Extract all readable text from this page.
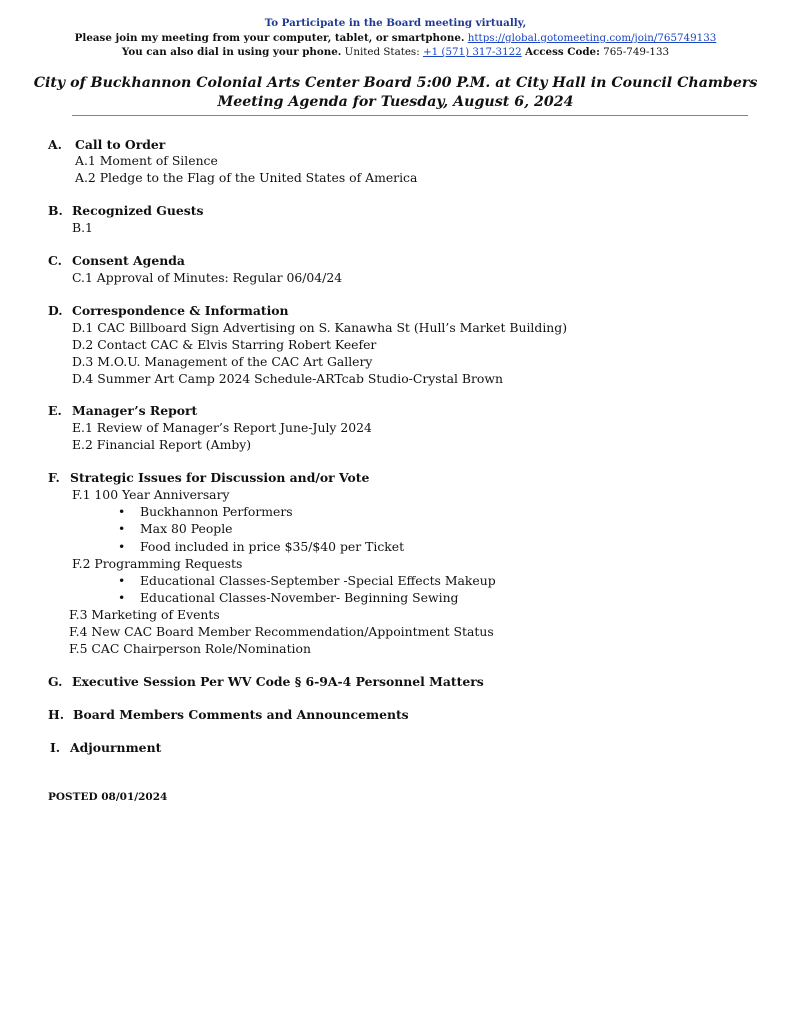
To Participate in the Board meeting virtually,
Please join my meeting from your computer, tablet, or smartphone. https://global.gotomeeting.com/join/765749133
You can also dial in using your phone. United States: +1 (571) 317-3122 Access Code: 765-749-133
City of Buckhannon Colonial Arts Center Board 5:00 P.M. at City Hall in Council Chambers
Meeting Agenda for Tuesday, August 6, 2024
A. Call to Order
A.1 Moment of Silence
A.2 Pledge to the Flag of the United States of America
B. Recognized Guests
B.1
C. Consent Agenda
C.1 Approval of Minutes: Regular 06/04/24
D. Correspondence & Information
D.1 CAC Billboard Sign Advertising on S. Kanawha St (Hull’s Market Building)
D.2 Contact CAC & Elvis Starring Robert Keefer
D.3 M.O.U. Management of the CAC Art Gallery
D.4 Summer Art Camp 2024 Schedule-ARTcab Studio-Crystal Brown
E. Manager’s Report
E.1 Review of Manager’s Report June-July 2024
E.2 Financial Report (Amby)
F. Strategic Issues for Discussion and/or Vote
F.1 100 Year Anniversary
• Buckhannon Performers
• Max 80 People
• Food included in price $35/$40 per Ticket
F.2 Programming Requests
• Educational Classes-September -Special Effects Makeup
• Educational Classes-November- Beginning Sewing
F.3 Marketing of Events
F.4 New CAC Board Member Recommendation/Appointment Status
F.5 CAC Chairperson Role/Nomination
G. Executive Session Per WV Code § 6-9A-4 Personnel Matters
H. Board Members Comments and Announcements
I. Adjournment
POSTED 08/01/2024
